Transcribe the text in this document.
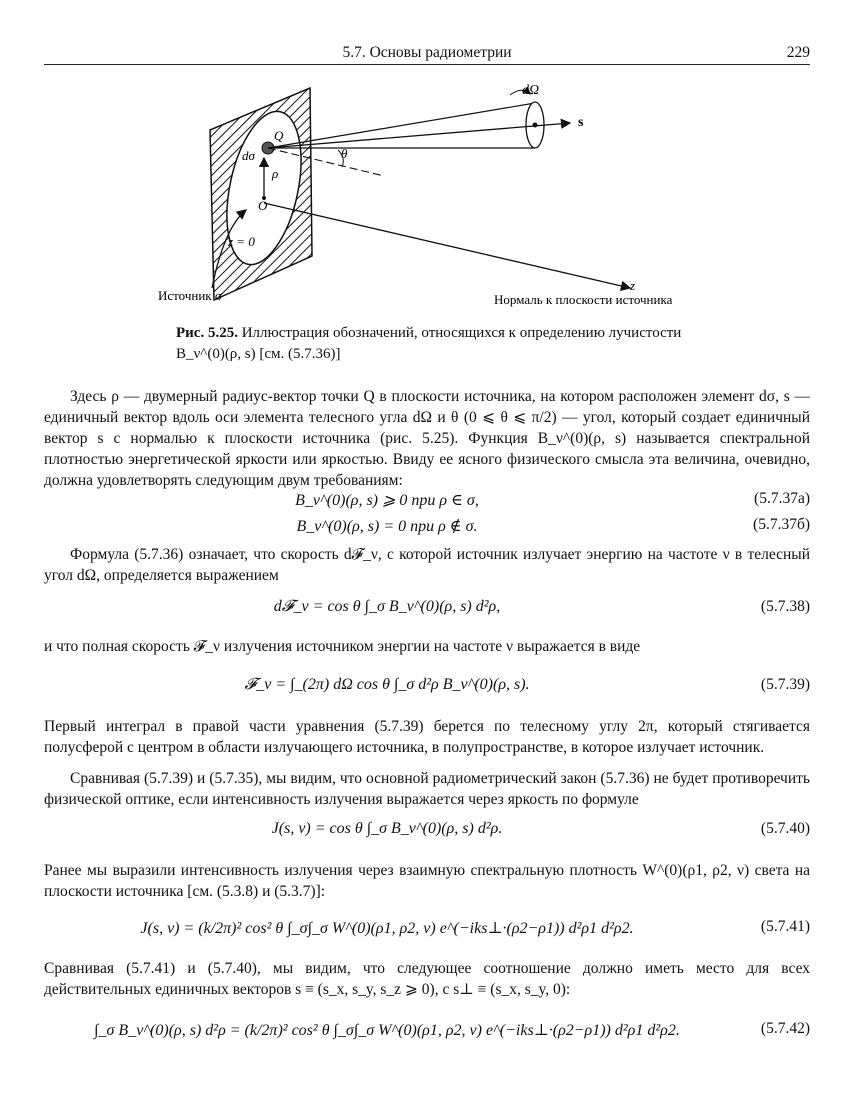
5.7. Основы радиометрии	229
dΩ
s
Q
dσ	θ
ρ
O
z = 0
z
Источник σ	Нормаль к плоскости источника
Рис. 5.25. Иллюстрация обозначений, относящихся к определению лучистости B_ν^(0)(ρ, s) [см. (5.7.36)]
Здесь ρ — двумерный радиус-вектор точки Q в плоскости источника, на котором расположен элемент dσ, s — единичный вектор вдоль оси элемента телесного угла dΩ и θ (0 ⩽ θ ⩽ π/2) — угол, который создает единичный вектор s с нормалью к плоскости источника (рис. 5.25). Функция B_ν^(0)(ρ, s) называется спектральной плотностью энергетической яркости или яркостью. Ввиду ее ясного физического смысла эта величина, очевидно, должна удовлетворять следующим двум требованиям:
B_ν^(0)(ρ, s) ⩾ 0 при ρ ∈ σ,	(5.7.37а)
B_ν^(0)(ρ, s) = 0 при ρ ∉ σ.	(5.7.37б)
Формула (5.7.36) означает, что скорость d𝓕_ν, с которой источник излучает энергию на частоте ν в телесный угол dΩ, определяется выражением
d𝓕_ν = cos θ ∫_σ B_ν^(0)(ρ, s) d²ρ,	(5.7.38)
и что полная скорость 𝓕_ν излучения источником энергии на частоте ν выражается в виде
𝓕_ν = ∫_(2π) dΩ cos θ ∫_σ d²ρ B_ν^(0)(ρ, s).	(5.7.39)
Первый интеграл в правой части уравнения (5.7.39) берется по телесному углу 2π, который стягивается полусферой с центром в области излучающего источника, в полупространстве, в которое излучает источник.
Сравнивая (5.7.39) и (5.7.35), мы видим, что основной радиометрический закон (5.7.36) не будет противоречить физической оптике, если интенсивность излучения выражается через яркость по формуле
J(s, ν) = cos θ ∫_σ B_ν^(0)(ρ, s) d²ρ.	(5.7.40)
Ранее мы выразили интенсивность излучения через взаимную спектральную плотность W^(0)(ρ1, ρ2, ν) света на плоскости источника [см. (5.3.8) и (5.3.7)]:
J(s, ν) = (k/2π)² cos² θ ∫_σ∫_σ W^(0)(ρ1, ρ2, ν) e^(−iks⊥·(ρ2−ρ1)) d²ρ1 d²ρ2.	(5.7.41)
Сравнивая (5.7.41) и (5.7.40), мы видим, что следующее соотношение должно иметь место для всех действительных единичных векторов s ≡ (s_x, s_y, s_z ⩾ 0), с s⊥ ≡ (s_x, s_y, 0):
∫_σ B_ν^(0)(ρ, s) d²ρ = (k/2π)² cos² θ ∫_σ∫_σ W^(0)(ρ1, ρ2, ν) e^(−iks⊥·(ρ2−ρ1)) d²ρ1 d²ρ2.	(5.7.42)
